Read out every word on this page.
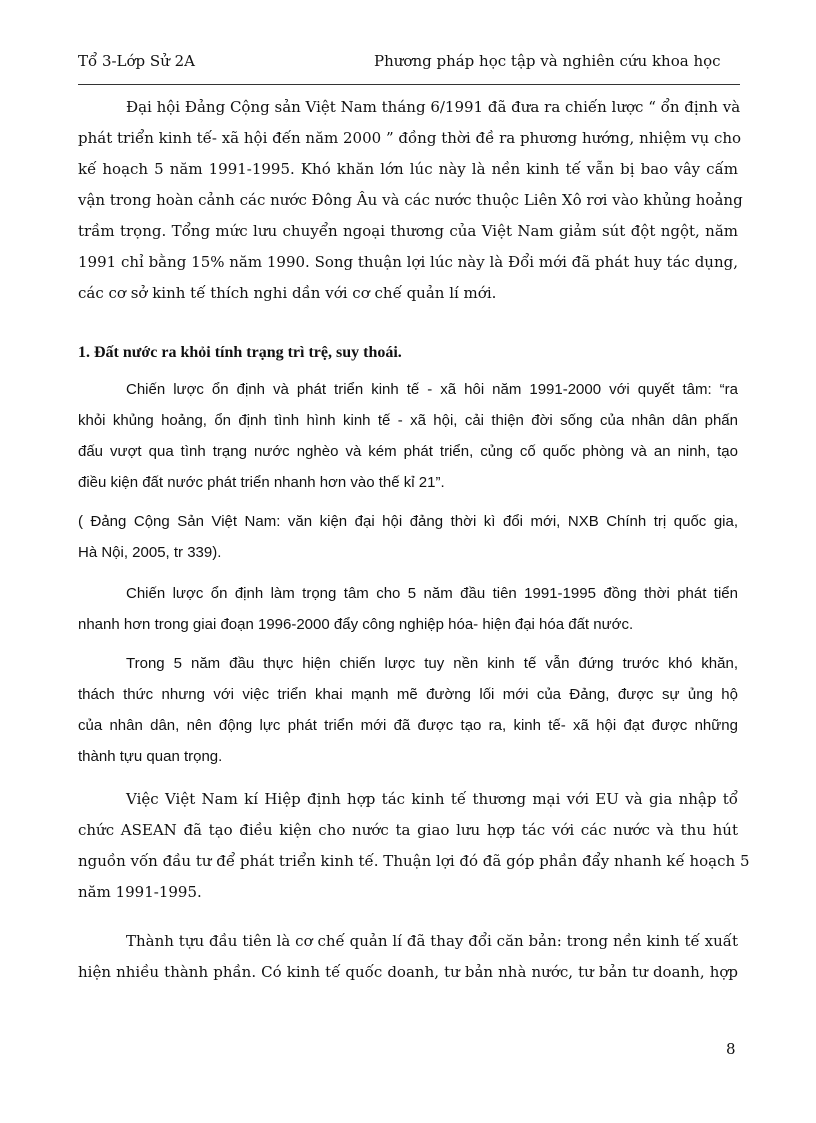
Tổ 3-Lớp Sử 2A	Phương pháp học tập và nghiên cứu khoa học
Đại hội Đảng Cộng sản Việt Nam tháng 6/1991 đã đưa ra chiến lược “ ổn định và
phát triển kinh tế- xã hội đến năm 2000 ” đồng thời đề ra phương hướng, nhiệm vụ cho
kế hoạch 5 năm 1991-1995. Khó khăn lớn lúc này là nền kinh tế vẫn bị bao vây cấm
vận trong hoàn cảnh các nước Đông Âu và các nước thuộc Liên Xô rơi vào khủng hoảng
trầm trọng. Tổng mức lưu chuyển ngoại thương của Việt Nam giảm sút đột ngột, năm
1991 chỉ bằng 15% năm 1990. Song thuận lợi lúc này là Đổi mới đã phát huy tác dụng,
các cơ sở kinh tế thích nghi dần với cơ chế quản lí mới.
1. Đất nước ra khỏi tính trạng trì trệ, suy thoái.
Chiến lược ổn định và phát triển kinh tế - xã hôi năm 1991-2000 với quyết tâm: “ra
khỏi khủng hoảng, ổn định tình hình kinh tế - xã hội, cải thiện đời sống của nhân dân phấn
đấu vượt qua tình trạng nước nghèo và kém phát triển, củng cố quốc phòng và an ninh, tạo
điều kiện đất nước phát triển nhanh hơn vào thế kỉ 21”.
( Đảng Cộng Sản Việt Nam: văn kiện đại hội đảng thời kì đổi mới, NXB Chính trị quốc gia,
Hà Nội, 2005, tr 339).
Chiến lược ổn định làm trọng tâm cho 5 năm đầu tiên 1991-1995 đồng thời phát tiển
nhanh hơn trong giai đoạn 1996-2000 đẩy công nghiệp hóa- hiện đại hóa đất nước.
Trong 5 năm đầu thực hiện chiến lược tuy nền kinh tế vẫn đứng trước khó khăn,
thách thức nhưng với việc triển khai mạnh mẽ đường lối mới của Đảng, được sự ủng hộ
của nhân dân, nên động lực phát triển mới đã được tạo ra, kinh tế- xã hội đạt được những
thành tựu quan trọng.
Việc Việt Nam kí Hiệp định hợp tác kinh tế thương mại với EU và gia nhập tổ
chức ASEAN đã tạo điều kiện cho nước ta giao lưu hợp tác với các nước và thu hút
nguồn vốn đầu tư để phát triển kinh tế. Thuận lợi đó đã góp phần đẩy nhanh kế hoạch 5
năm 1991-1995.
Thành tựu đầu tiên là cơ chế quản lí đã thay đổi căn bản: trong nền kinh tế xuất
hiện nhiều thành phần. Có kinh tế quốc doanh, tư bản nhà nước, tư bản tư doanh, hợp
8
